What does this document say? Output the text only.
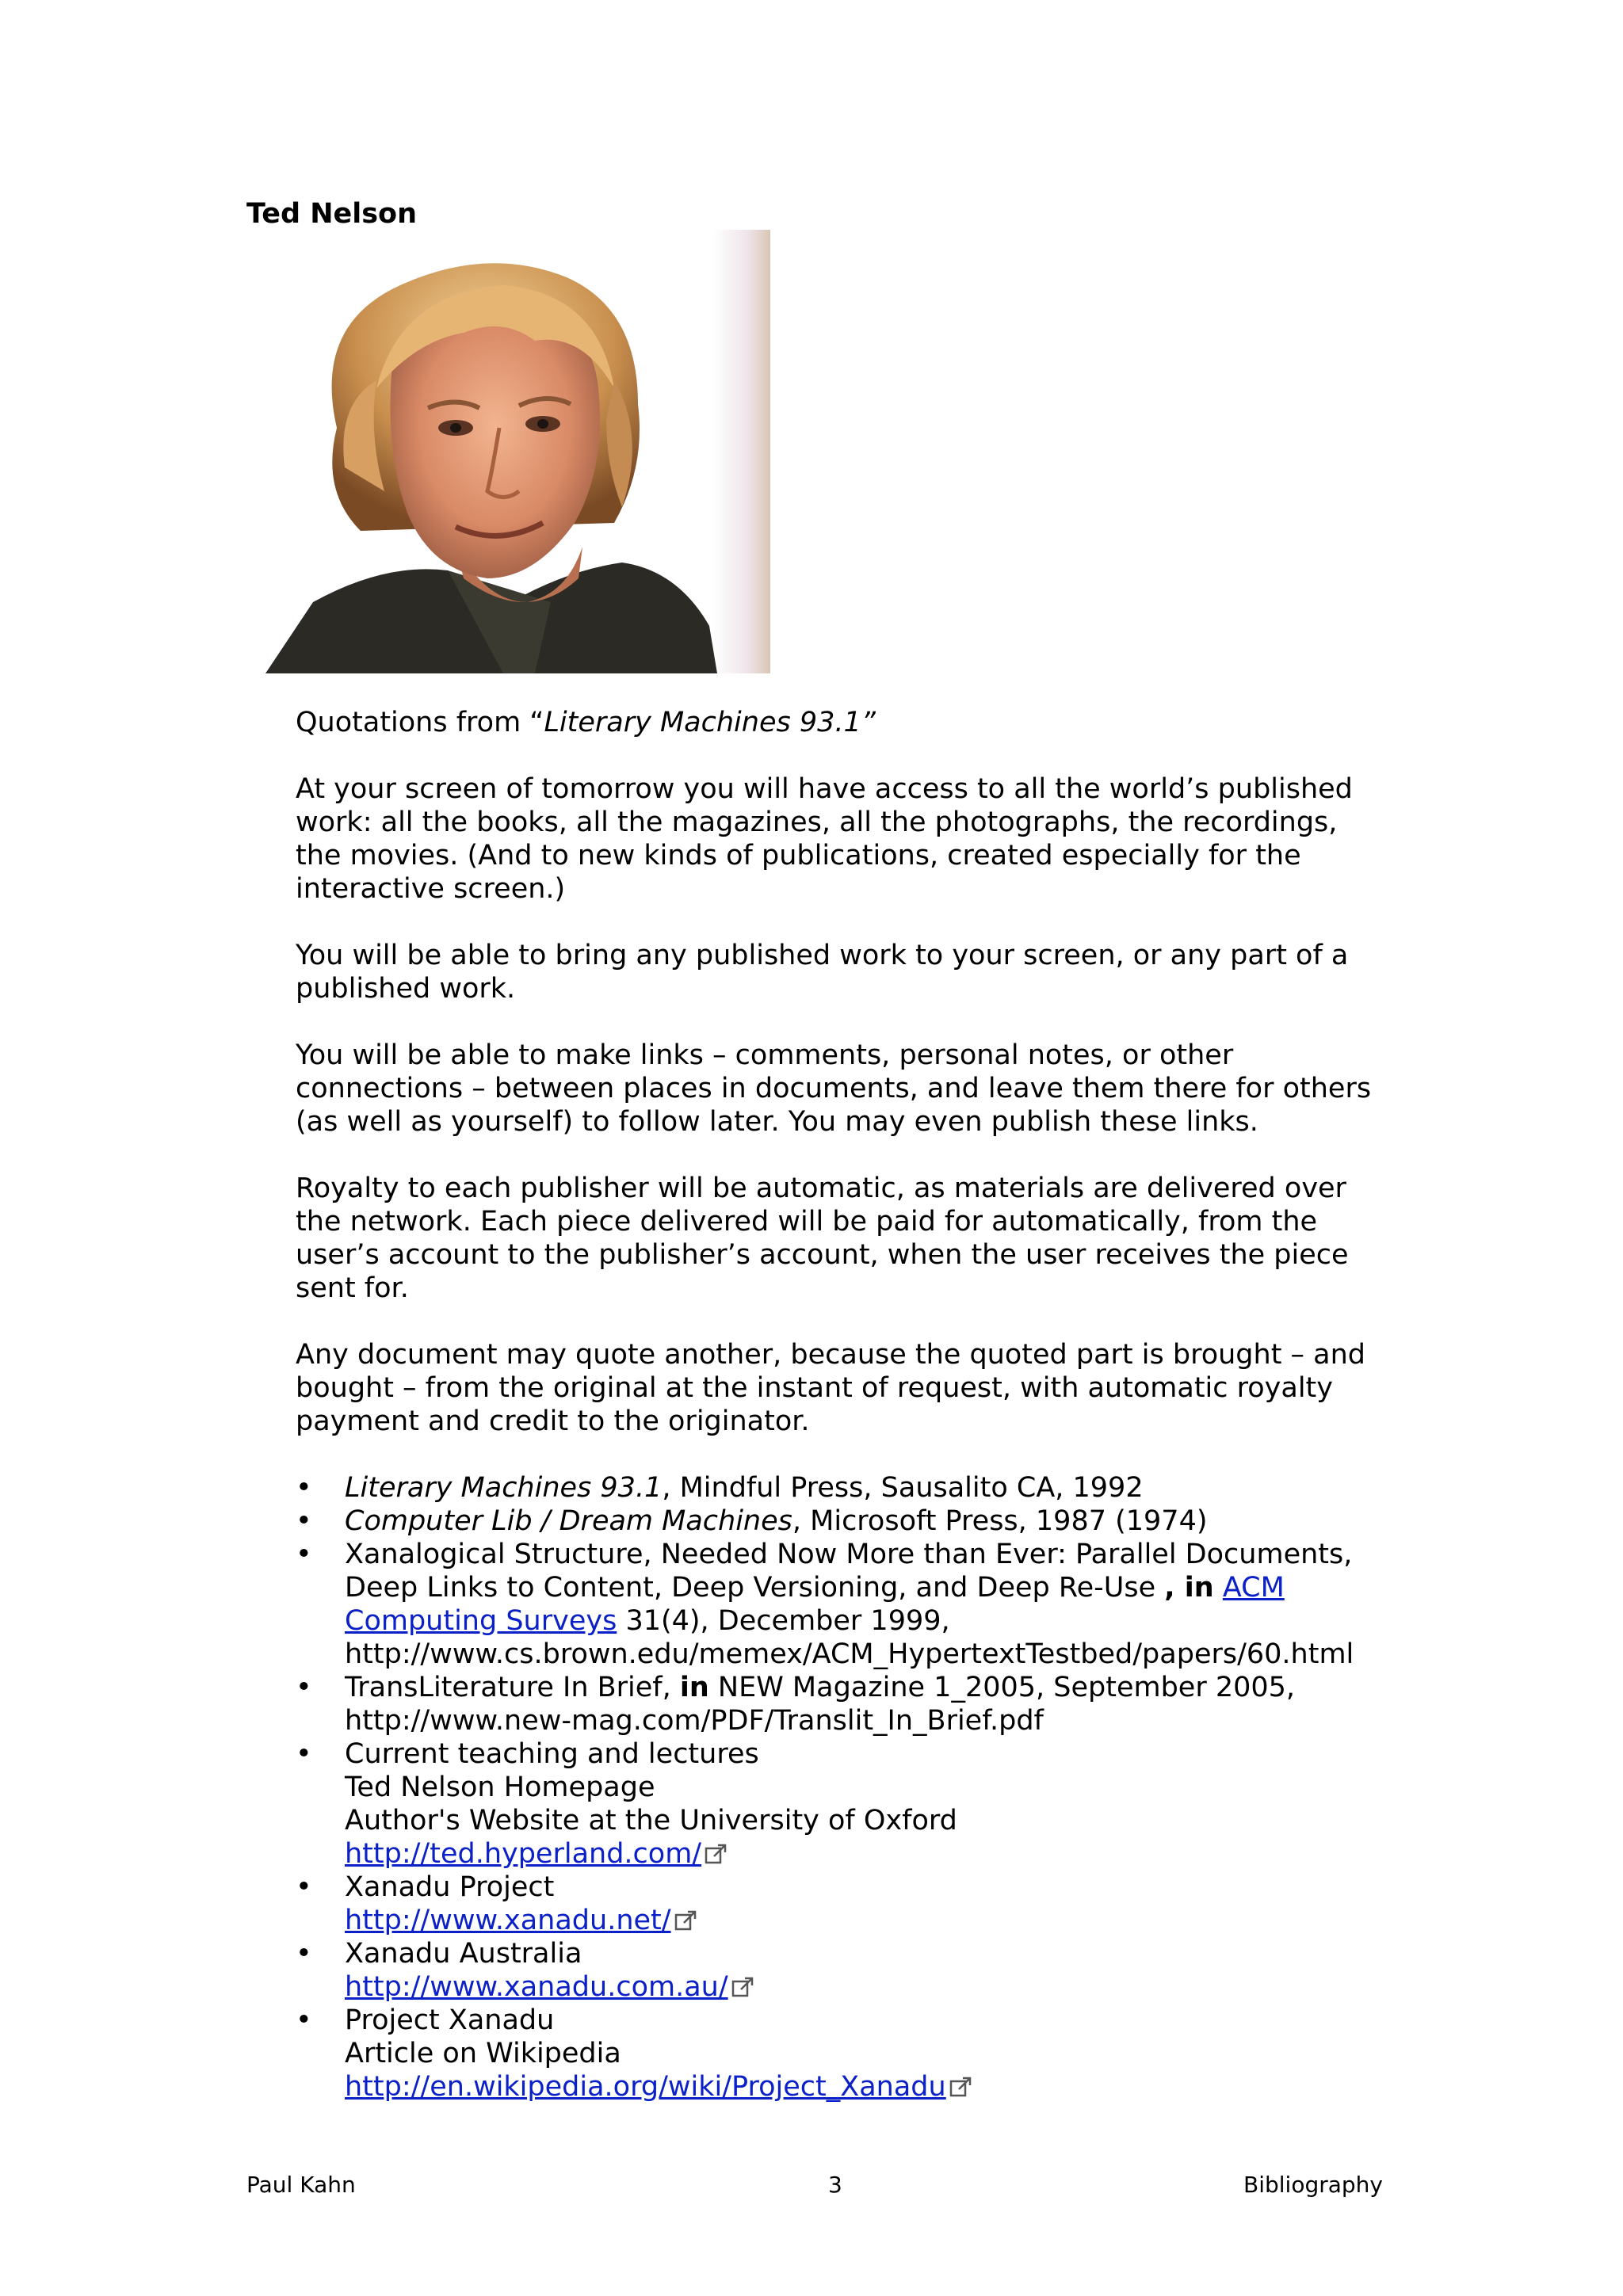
Ted Nelson

Quotations from “Literary Machines 93.1”

At your screen of tomorrow you will have access to all the world’s published
work: all the books, all the magazines, all the photographs, the recordings,
the movies. (And to new kinds of publications, created especially for the
interactive screen.)

You will be able to bring any published work to your screen, or any part of a
published work.

You will be able to make links – comments, personal notes, or other
connections – between places in documents, and leave them there for others
(as well as yourself) to follow later. You may even publish these links.

Royalty to each publisher will be automatic, as materials are delivered over
the network. Each piece delivered will be paid for automatically, from the
user’s account to the publisher’s account, when the user receives the piece
sent for.

Any document may quote another, because the quoted part is brought – and
bought – from the original at the instant of request, with automatic royalty
payment and credit to the originator.

• Literary Machines 93.1, Mindful Press, Sausalito CA, 1992
• Computer Lib / Dream Machines, Microsoft Press, 1987 (1974)
• Xanalogical Structure, Needed Now More than Ever: Parallel Documents,
Deep Links to Content, Deep Versioning, and Deep Re-Use , in ACM
Computing Surveys 31(4), December 1999,
http://www.cs.brown.edu/memex/ACM_HypertextTestbed/papers/60.html
• TransLiterature In Brief, in NEW Magazine 1_2005, September 2005,
http://www.new-mag.com/PDF/Translit_In_Brief.pdf
• Current teaching and lectures
Ted Nelson Homepage
Author's Website at the University of Oxford
http://ted.hyperland.com/
• Xanadu Project
http://www.xanadu.net/
• Xanadu Australia
http://www.xanadu.com.au/
• Project Xanadu
Article on Wikipedia
http://en.wikipedia.org/wiki/Project_Xanadu
Paul Kahn	3	Bibliography
